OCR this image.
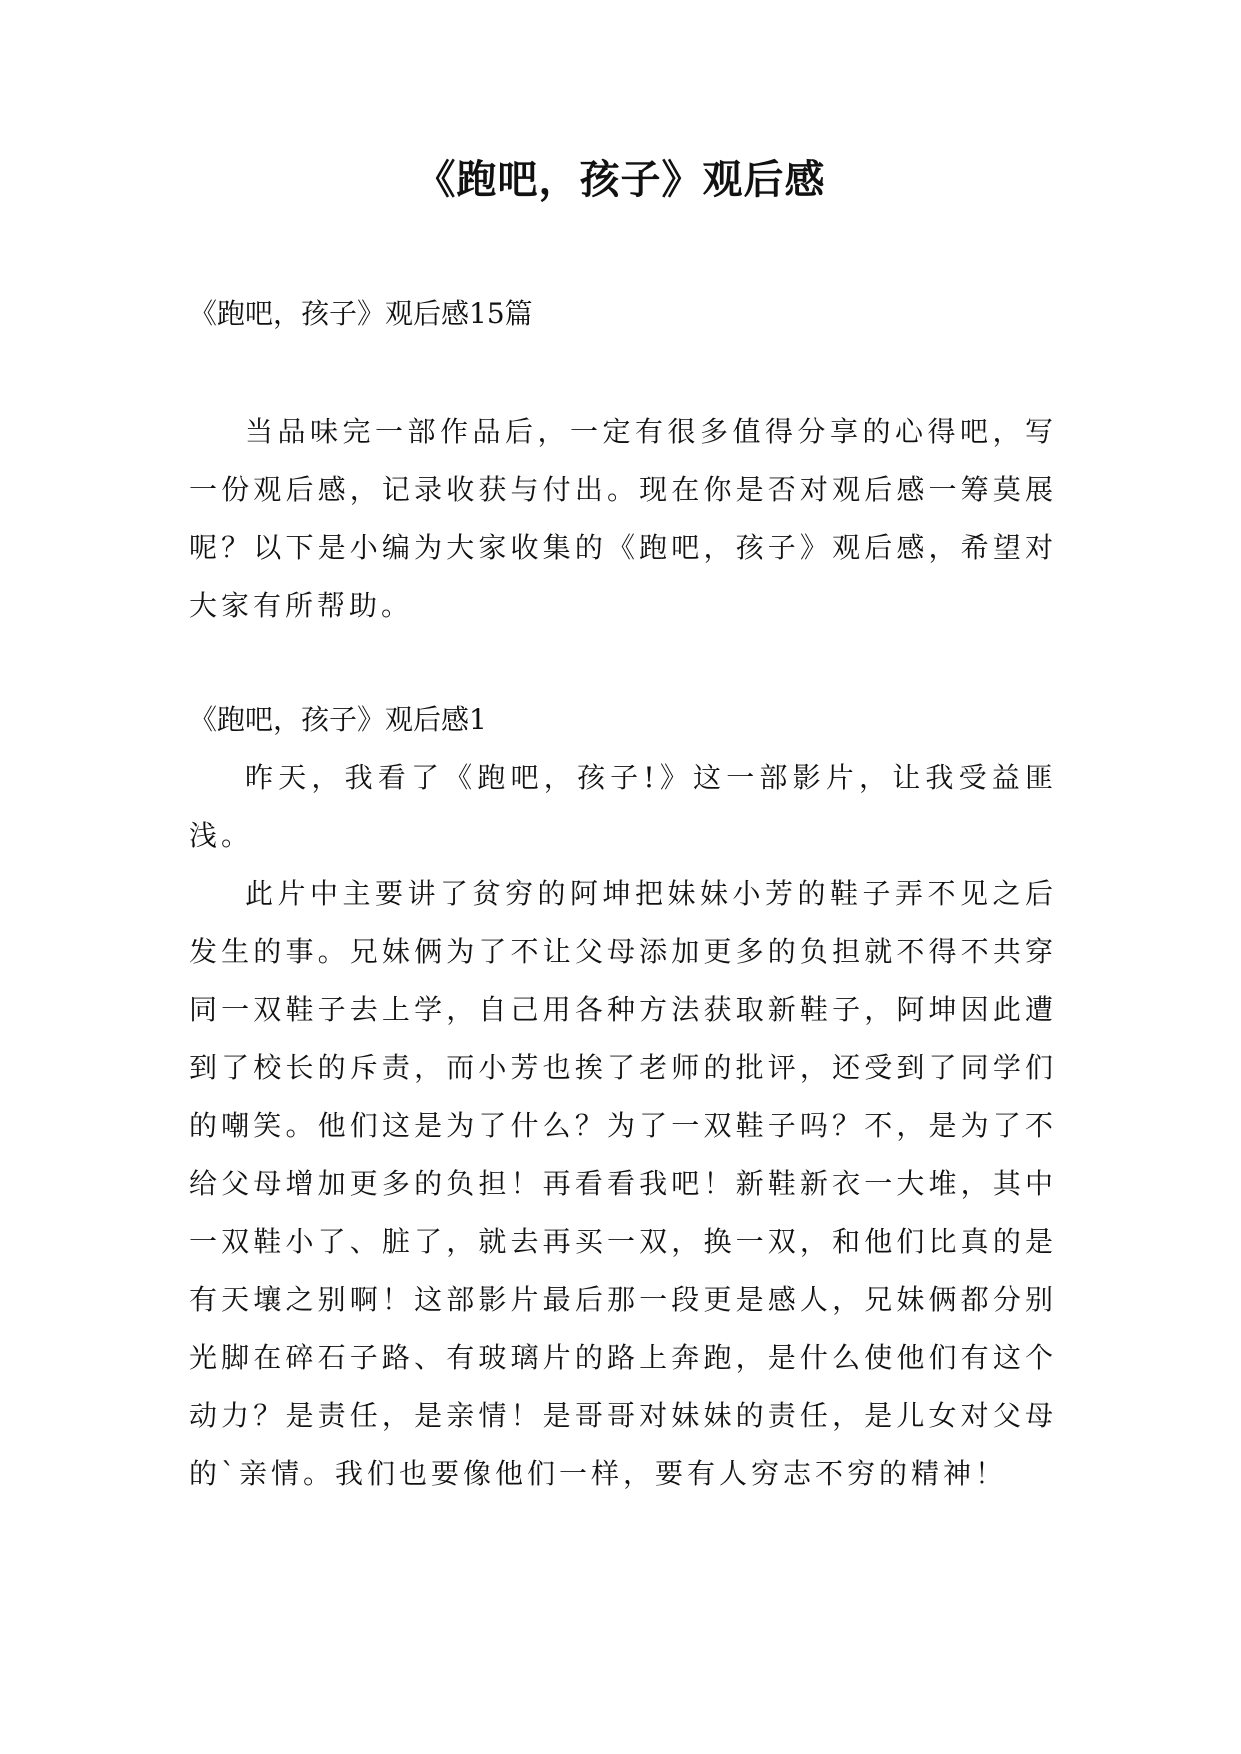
《跑吧，孩子》观后感
《跑吧，孩子》观后感15篇
当品味完一部作品后，一定有很多值得分享的心得吧，写一份观后感，记录收获与付出。现在你是否对观后感一筹莫展呢？以下是小编为大家收集的《跑吧，孩子》观后感，希望对大家有所帮助。
《跑吧，孩子》观后感1
昨天，我看了《跑吧，孩子!》这一部影片，让我受益匪浅。
此片中主要讲了贫穷的阿坤把妹妹小芳的鞋子弄不见之后发生的事。兄妹俩为了不让父母添加更多的负担就不得不共穿同一双鞋子去上学，自己用各种方法获取新鞋子，阿坤因此遭到了校长的斥责，而小芳也挨了老师的批评，还受到了同学们的嘲笑。他们这是为了什么？为了一双鞋子吗？不，是为了不给父母增加更多的负担！再看看我吧！新鞋新衣一大堆，其中一双鞋小了、脏了，就去再买一双，换一双，和他们比真的是有天壤之别啊！这部影片最后那一段更是感人，兄妹俩都分别光脚在碎石子路、有玻璃片的路上奔跑，是什么使他们有这个动力？是责任，是亲情！是哥哥对妹妹的责任，是儿女对父母的`亲情。我们也要像他们一样，要有人穷志不穷的精神！
